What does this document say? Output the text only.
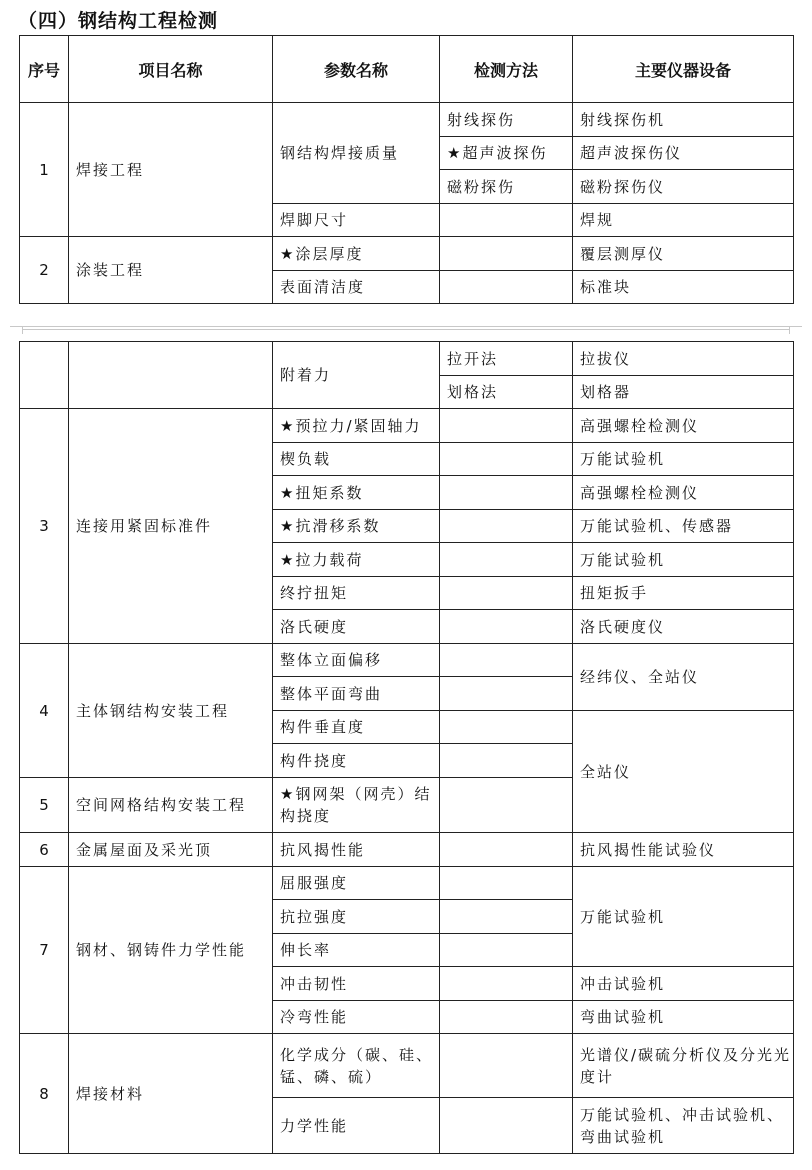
（四）钢结构工程检测
序号	项目名称	参数名称	检测方法	主要仪器设备
1	焊接工程	钢结构焊接质量	射线探伤	射线探伤机
			★超声波探伤	超声波探伤仪
			磁粉探伤	磁粉探伤仪
		焊脚尺寸		焊规
2	涂装工程	★涂层厚度		覆层测厚仪
		表面清洁度		标准块
		附着力	拉开法	拉拔仪
			划格法	划格器
3	连接用紧固标准件	★预拉力/紧固轴力		高强螺栓检测仪
		楔负载		万能试验机
		★扭矩系数		高强螺栓检测仪
		★抗滑移系数		万能试验机、传感器
		★拉力载荷		万能试验机
		终拧扭矩		扭矩扳手
		洛氏硬度		洛氏硬度仪
4	主体钢结构安装工程	整体立面偏移		经纬仪、全站仪
		整体平面弯曲		
		构件垂直度		全站仪
		构件挠度		
5	空间网格结构安装工程	★钢网架（网壳）结构挠度		
6	金属屋面及采光顶	抗风揭性能		抗风揭性能试验仪
7	钢材、钢铸件力学性能	屈服强度		万能试验机
		抗拉强度		
		伸长率		
		冲击韧性		冲击试验机
		冷弯性能		弯曲试验机
8	焊接材料	化学成分（碳、硅、锰、磷、硫）		光谱仪/碳硫分析仪及分光光度计
		力学性能		万能试验机、冲击试验机、弯曲试验机
